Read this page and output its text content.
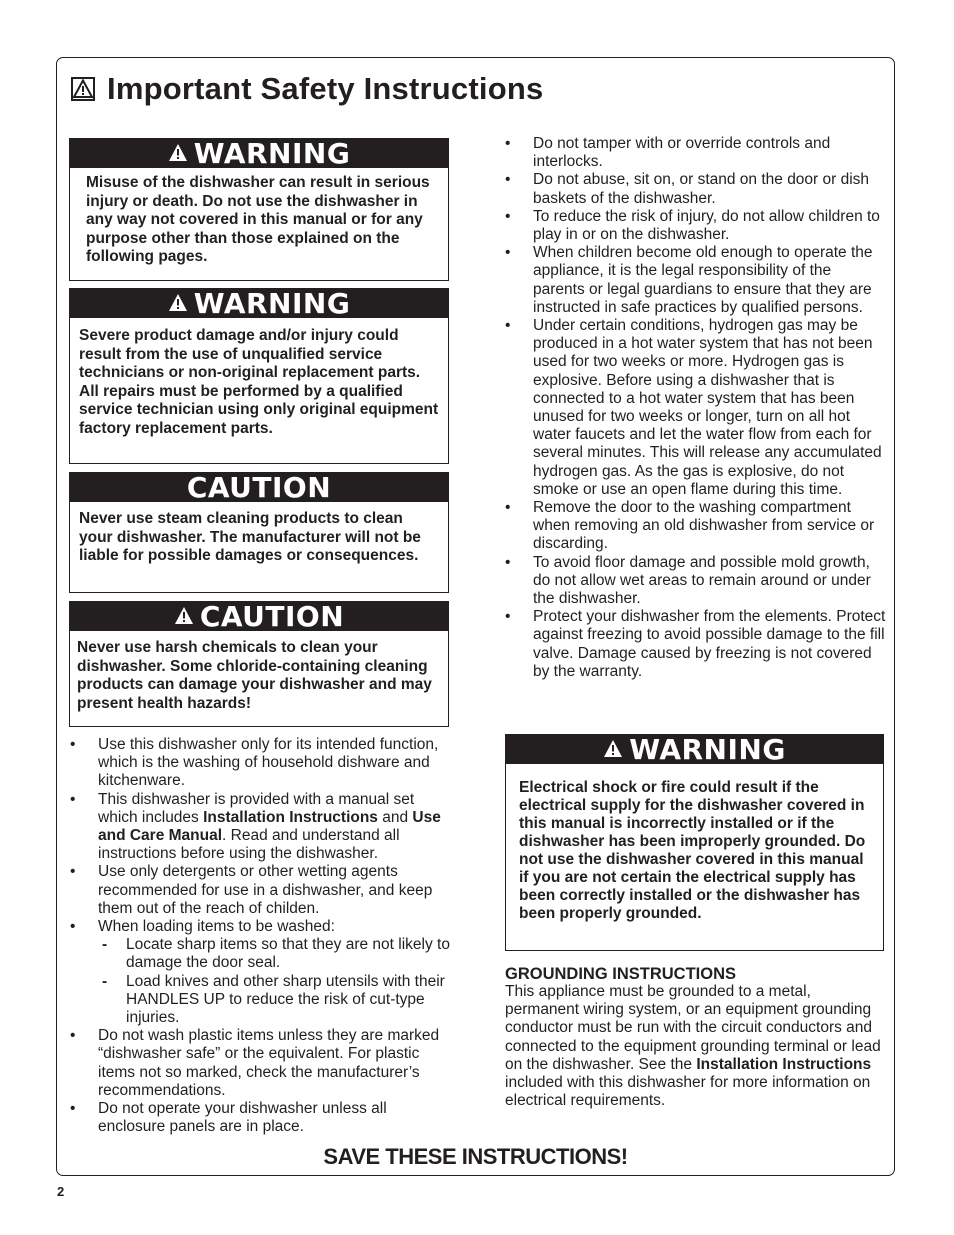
Important Safety Instructions
WARNING
Misuse of the dishwasher can result in serious injury or death. Do not use the dishwasher in any way not covered in this manual or for any purpose other than those explained on the following pages.
WARNING
Severe product damage and/or injury could result from the use of unqualified service technicians or non-original replacement parts. All repairs must be performed by a qualified service technician using only original equipment factory replacement parts.
CAUTION
Never use steam cleaning products to clean your dishwasher. The manufacturer will not be liable for possible damages or consequences.
CAUTION
Never use harsh chemicals to clean your dishwasher. Some chloride-containing cleaning products can damage your dishwasher and may present health hazards!
• Use this dishwasher only for its intended function, which is the washing of household dishware and kitchenware.
• This dishwasher is provided with a manual set which includes Installation Instructions and Use and Care Manual. Read and understand all instructions before using the dishwasher.
• Use only detergents or other wetting agents recommended for use in a dishwasher, and keep them out of the reach of childen.
• When loading items to be washed:
- Locate sharp items so that they are not likely to damage the door seal.
- Load knives and other sharp utensils with their HANDLES UP to reduce the risk of cut-type injuries.
• Do not wash plastic items unless they are marked “dishwasher safe” or the equivalent. For plastic items not so marked, check the manufacturer’s recommendations.
• Do not operate your dishwasher unless all enclosure panels are in place.
• Do not tamper with or override controls and interlocks.
• Do not abuse, sit on, or stand on the door or dish baskets of the dishwasher.
• To reduce the risk of injury, do not allow children to play in or on the dishwasher.
• When children become old enough to operate the appliance, it is the legal responsibility of the parents or legal guardians to ensure that they are instructed in safe practices by qualified persons.
• Under certain conditions, hydrogen gas may be produced in a hot water system that has not been used for two weeks or more. Hydrogen gas is explosive. Before using a dishwasher that is connected to a hot water system that has been unused for two weeks or longer, turn on all hot water faucets and let the water flow from each for several minutes. This will release any accumulated hydrogen gas. As the gas is explosive, do not smoke or use an open flame during this time.
• Remove the door to the washing compartment when removing an old dishwasher from service or discarding.
• To avoid floor damage and possible mold growth, do not allow wet areas to remain around or under the dishwasher.
• Protect your dishwasher from the elements. Protect against freezing to avoid possible damage to the fill valve. Damage caused by freezing is not covered by the warranty.
WARNING
Electrical shock or fire could result if the electrical supply for the dishwasher covered in this manual is incorrectly installed or if the dishwasher has been improperly grounded. Do not use the dishwasher covered in this manual if you are not certain the electrical supply has been correctly installed or the dishwasher has been properly grounded.
GROUNDING INSTRUCTIONS
This appliance must be grounded to a metal, permanent wiring system, or an equipment grounding conductor must be run with the circuit conductors and connected to the equipment grounding terminal or lead on the dishwasher. See the Installation Instructions included with this dishwasher for more information on electrical requirements.
SAVE THESE INSTRUCTIONS!
2
